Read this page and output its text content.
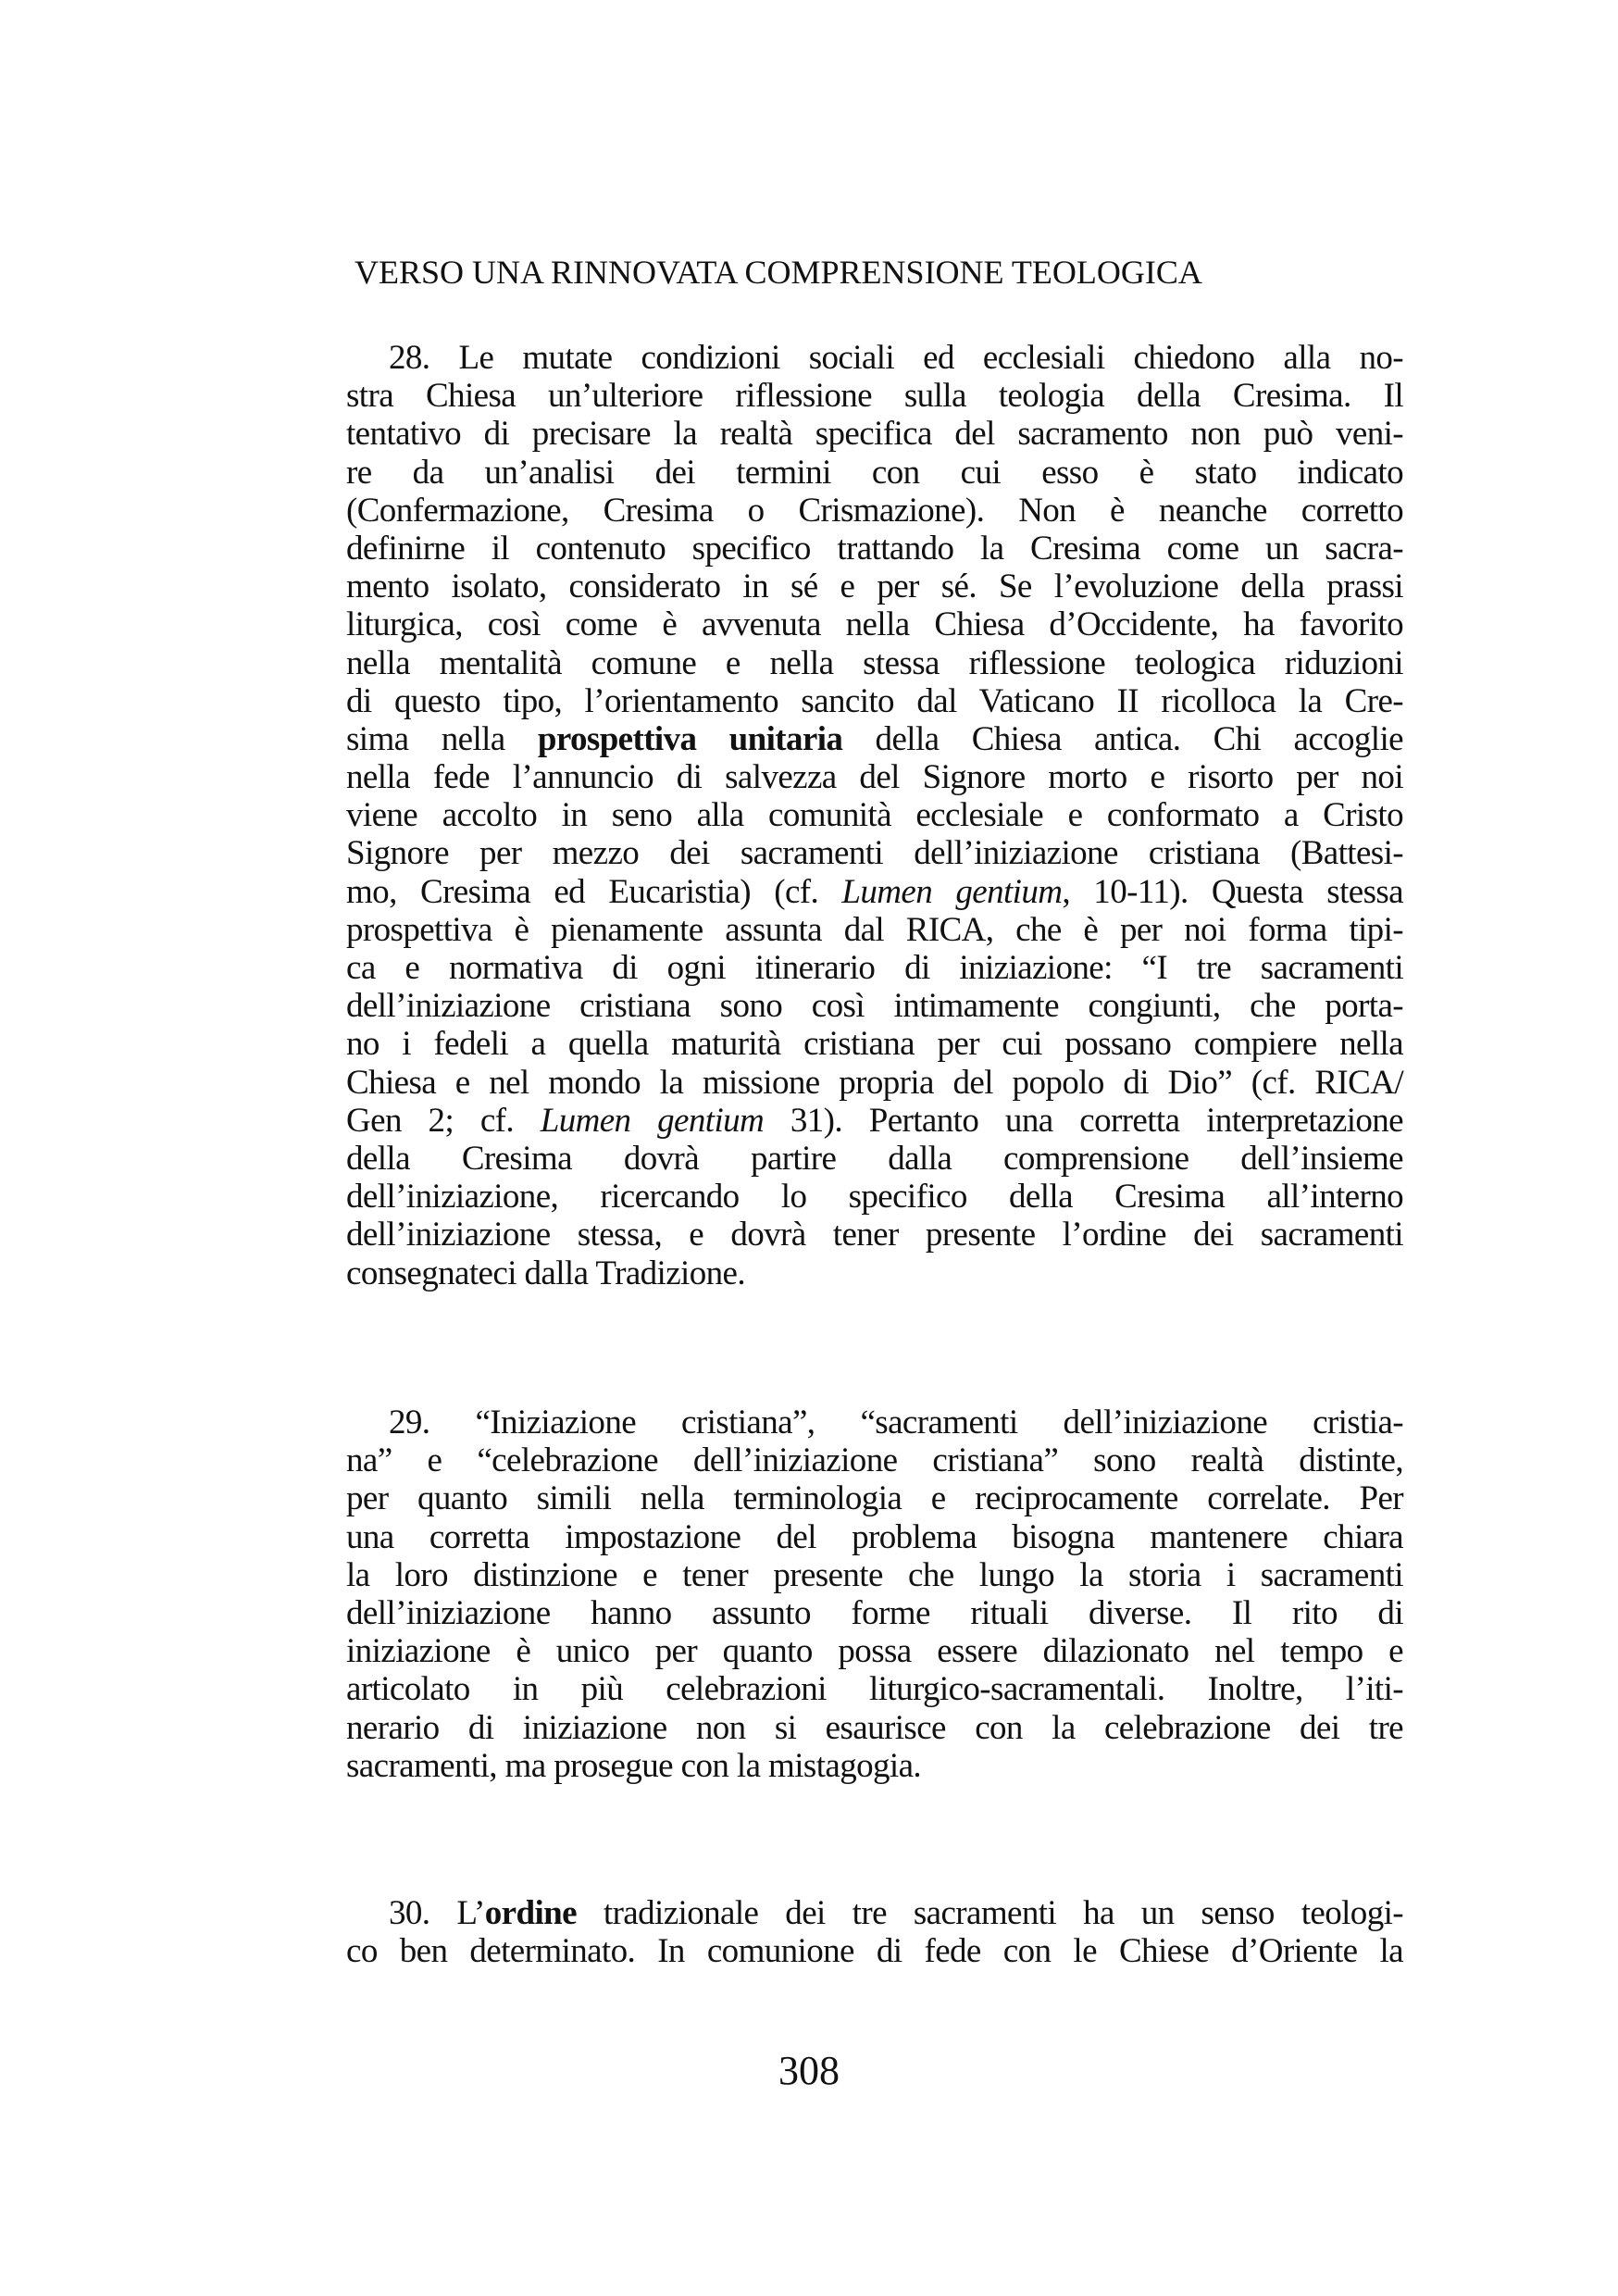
VERSO UNA RINNOVATA COMPRENSIONE TEOLOGICA
28. Le mutate condizioni sociali ed ecclesiali chiedono alla no-
stra Chiesa un’ulteriore riflessione sulla teologia della Cresima. Il
tentativo di precisare la realtà specifica del sacramento non può veni-
re da un’analisi dei termini con cui esso è stato indicato
(Confermazione, Cresima o Crismazione). Non è neanche corretto
definirne il contenuto specifico trattando la Cresima come un sacra-
mento isolato, considerato in sé e per sé. Se l’evoluzione della prassi
liturgica, così come è avvenuta nella Chiesa d’Occidente, ha favorito
nella mentalità comune e nella stessa riflessione teologica riduzioni
di questo tipo, l’orientamento sancito dal Vaticano II ricolloca la Cre-
sima nella prospettiva unitaria della Chiesa antica. Chi accoglie
nella fede l’annuncio di salvezza del Signore morto e risorto per noi
viene accolto in seno alla comunità ecclesiale e conformato a Cristo
Signore per mezzo dei sacramenti dell’iniziazione cristiana (Battesi-
mo, Cresima ed Eucaristia) (cf. Lumen gentium, 10-11). Questa stessa
prospettiva è pienamente assunta dal RICA, che è per noi forma tipi-
ca e normativa di ogni itinerario di iniziazione: “I tre sacramenti
dell’iniziazione cristiana sono così intimamente congiunti, che porta-
no i fedeli a quella maturità cristiana per cui possano compiere nella
Chiesa e nel mondo la missione propria del popolo di Dio” (cf. RICA/
Gen 2; cf. Lumen gentium 31). Pertanto una corretta interpretazione
della Cresima dovrà partire dalla comprensione dell’insieme
dell’iniziazione, ricercando lo specifico della Cresima all’interno
dell’iniziazione stessa, e dovrà tener presente l’ordine dei sacramenti
consegnateci dalla Tradizione.
29. “Iniziazione cristiana”, “sacramenti dell’iniziazione cristia-
na” e “celebrazione dell’iniziazione cristiana” sono realtà distinte,
per quanto simili nella terminologia e reciprocamente correlate. Per
una corretta impostazione del problema bisogna mantenere chiara
la loro distinzione e tener presente che lungo la storia i sacramenti
dell’iniziazione hanno assunto forme rituali diverse. Il rito di
iniziazione è unico per quanto possa essere dilazionato nel tempo e
articolato in più celebrazioni liturgico-sacramentali. Inoltre, l’iti-
nerario di iniziazione non si esaurisce con la celebrazione dei tre
sacramenti, ma prosegue con la mistagogia.
30. L’ordine tradizionale dei tre sacramenti ha un senso teologi-
co ben determinato. In comunione di fede con le Chiese d’Oriente la
308
